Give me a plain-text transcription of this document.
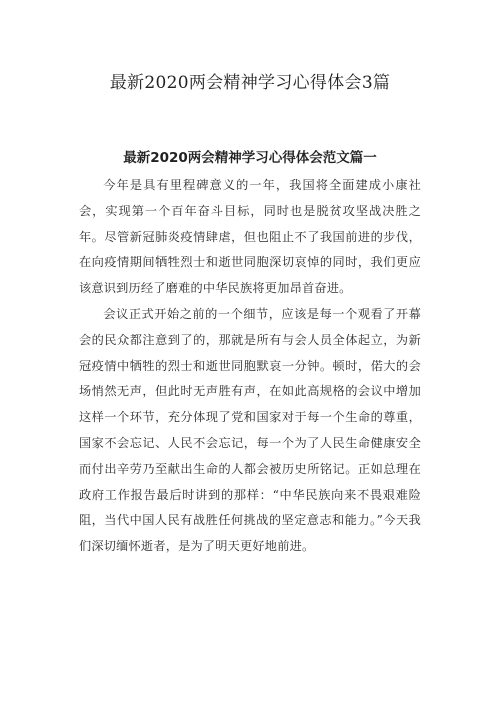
最新2020两会精神学习心得体会3篇
最新2020两会精神学习心得体会范文篇一

今年是具有里程碑意义的一年，我国将全面建成小康社会，实现第一个百年奋斗目标，同时也是脱贫攻坚战决胜之年。尽管新冠肺炎疫情肆虐，但也阻止不了我国前进的步伐，在向疫情期间牺牲烈士和逝世同胞深切哀悼的同时，我们更应该意识到历经了磨难的中华民族将更加昂首奋进。

会议正式开始之前的一个细节，应该是每一个观看了开幕会的民众都注意到了的，那就是所有与会人员全体起立，为新冠疫情中牺牲的烈士和逝世同胞默哀一分钟。顿时，偌大的会场悄然无声，但此时无声胜有声，在如此高规格的会议中增加这样一个环节，充分体现了党和国家对于每一个生命的尊重，国家不会忘记、人民不会忘记，每一个为了人民生命健康安全而付出辛劳乃至献出生命的人都会被历史所铭记。正如总理在政府工作报告最后时讲到的那样：“中华民族向来不畏艰难险阻，当代中国人民有战胜任何挑战的坚定意志和能力。”今天我们深切缅怀逝者，是为了明天更好地前进。
